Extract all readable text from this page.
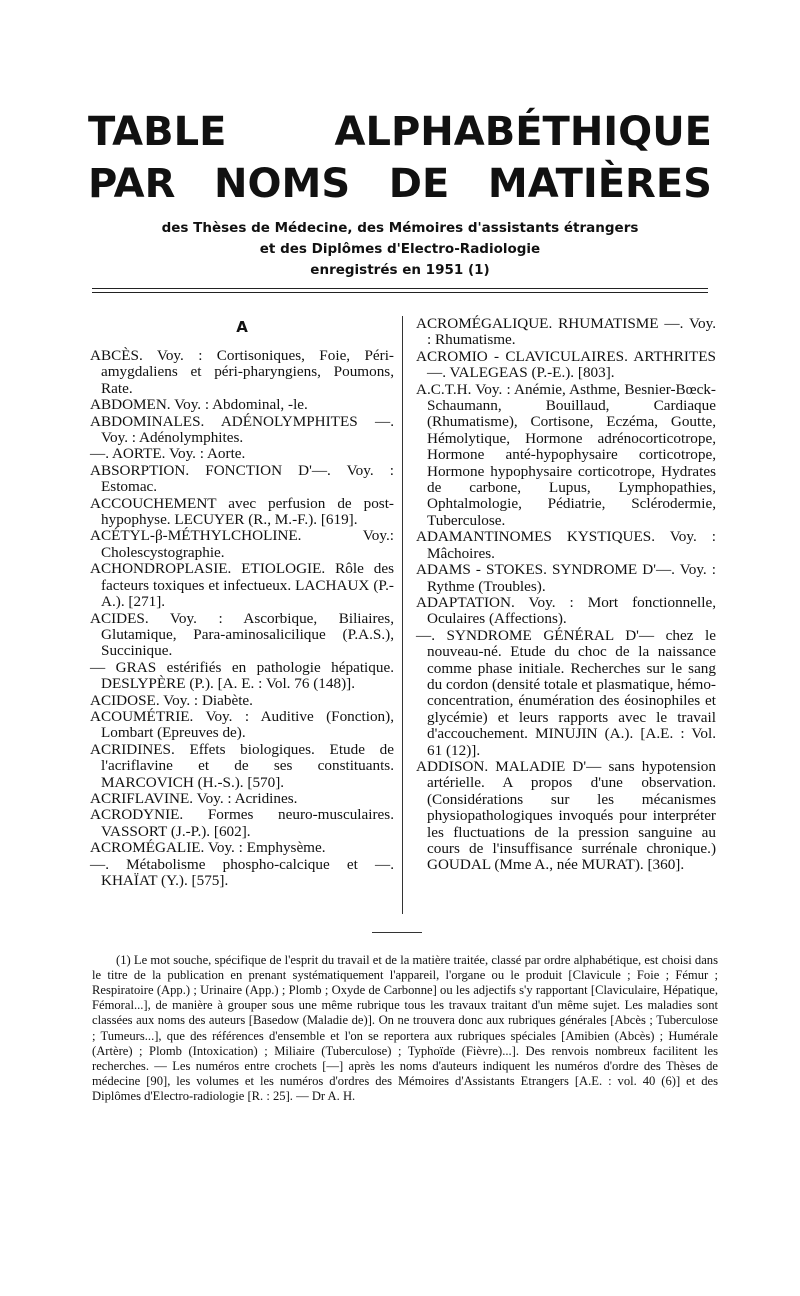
TABLE	ALPHABÉTHIQUE
PAR NOMS DE MATIÈRES
des Thèses de Médecine, des Mémoires d'assistants étrangers
et des Diplômes d'Electro-Radiologie
enregistrés en 1951 (1)
A

ABCÈS. Voy. : Cortisoniques, Foie, Péri-amygdaliens et péri-pharyngiens, Poumons, Rate.

ABDOMEN. Voy. : Abdominal, -le.

ABDOMINALES. ADÉNOLYMPHITES —. Voy. : Adénolymphites.

—. AORTE. Voy. : Aorte.

ABSORPTION. FONCTION D'—. Voy. : Estomac.

ACCOUCHEMENT avec perfusion de post-hypophyse. LECUYER (R., M.-F.). [619].

ACÉTYL-β-MÉTHYLCHOLINE. Voy.: Cholescystographie.

ACHONDROPLASIE. ETIOLOGIE. Rôle des facteurs toxiques et infectueux. LACHAUX (P.-A.). [271].

ACIDES. Voy. : Ascorbique, Biliaires, Glutamique, Para-aminosalicilique (P.A.S.), Succinique.

— GRAS estérifiés en pathologie hépatique. DESLYPÈRE (P.). [A. E. : Vol. 76 (148)].

ACIDOSE. Voy. : Diabète.

ACOUMÉTRIE. Voy. : Auditive (Fonction), Lombart (Epreuves de).

ACRIDINES. Effets biologiques. Etude de l'acriflavine et de ses constituants. MARCOVICH (H.-S.). [570].

ACRIFLAVINE. Voy. : Acridines.

ACRODYNIE. Formes neuro-musculaires. VASSORT (J.-P.). [602].

ACROMÉGALIE. Voy. : Emphysème.

—. Métabolisme phospho-calcique et —. KHAÏAT (Y.). [575].

ACROMÉGALIQUE. RHUMATISME —. Voy. : Rhumatisme.

ACROMIO - CLAVICULAIRES. ARTHRITES —. VALEGEAS (P.-E.). [803].

A.C.T.H. Voy. : Anémie, Asthme, Besnier-Bœck-Schaumann, Bouillaud, Cardiaque (Rhumatisme), Cortisone, Eczéma, Goutte, Hémolytique, Hormone adrénocorticotrope, Hormone anté-hypophysaire corticotrope, Hormone hypophysaire corticotrope, Hydrates de carbone, Lupus, Lymphopathies, Ophtalmologie, Pédiatrie, Sclérodermie, Tuberculose.

ADAMANTINOMES KYSTIQUES. Voy. : Mâchoires.

ADAMS - STOKES. SYNDROME D'—. Voy. : Rythme (Troubles).

ADAPTATION. Voy. : Mort fonctionnelle, Oculaires (Affections).

—. SYNDROME GÉNÉRAL D'— chez le nouveau-né. Etude du choc de la naissance comme phase initiale. Recherches sur le sang du cordon (densité totale et plasmatique, hémo-concentration, énumération des éosinophiles et glycémie) et leurs rapports avec le travail d'accouchement. MINUJIN (A.). [A.E. : Vol. 61 (12)].

ADDISON. MALADIE D'— sans hypotension artérielle. A propos d'une observation. (Considérations sur les mécanismes physiopathologiques invoqués pour interpréter les fluctuations de la pression sanguine au cours de l'insuffisance surrénale chronique.) GOUDAL (Mme A., née MURAT). [360].

(1) Le mot souche, spécifique de l'esprit du travail et de la matière traitée, classé par ordre alphabétique, est choisi dans le titre de la publication en prenant systématiquement l'appareil, l'organe ou le produit [Clavicule ; Foie ; Fémur ; Respiratoire (App.) ; Urinaire (App.) ; Plomb ; Oxyde de Carbonne] ou les adjectifs s'y rapportant [Claviculaire, Hépatique, Fémoral...], de manière à grouper sous une même rubrique tous les travaux traitant d'un même sujet. Les maladies sont classées aux noms des auteurs [Basedow (Maladie de)]. On ne trouvera donc aux rubriques générales [Abcès ; Tuberculose ; Tumeurs...], que des références d'ensemble et l'on se reportera aux rubriques spéciales [Amibien (Abcès) ; Humérale (Artère) ; Plomb (Intoxication) ; Miliaire (Tuberculose) ; Typhoïde (Fièvre)...]. Des renvois nombreux facilitent les recherches. — Les numéros entre crochets [—] après les noms d'auteurs indiquent les numéros d'ordre des Thèses de médecine [90], les volumes et les numéros d'ordres des Mémoires d'Assistants Etrangers [A.E. : vol. 40 (6)] et des Diplômes d'Electro-radiologie [R. : 25]. — Dr A. H.
